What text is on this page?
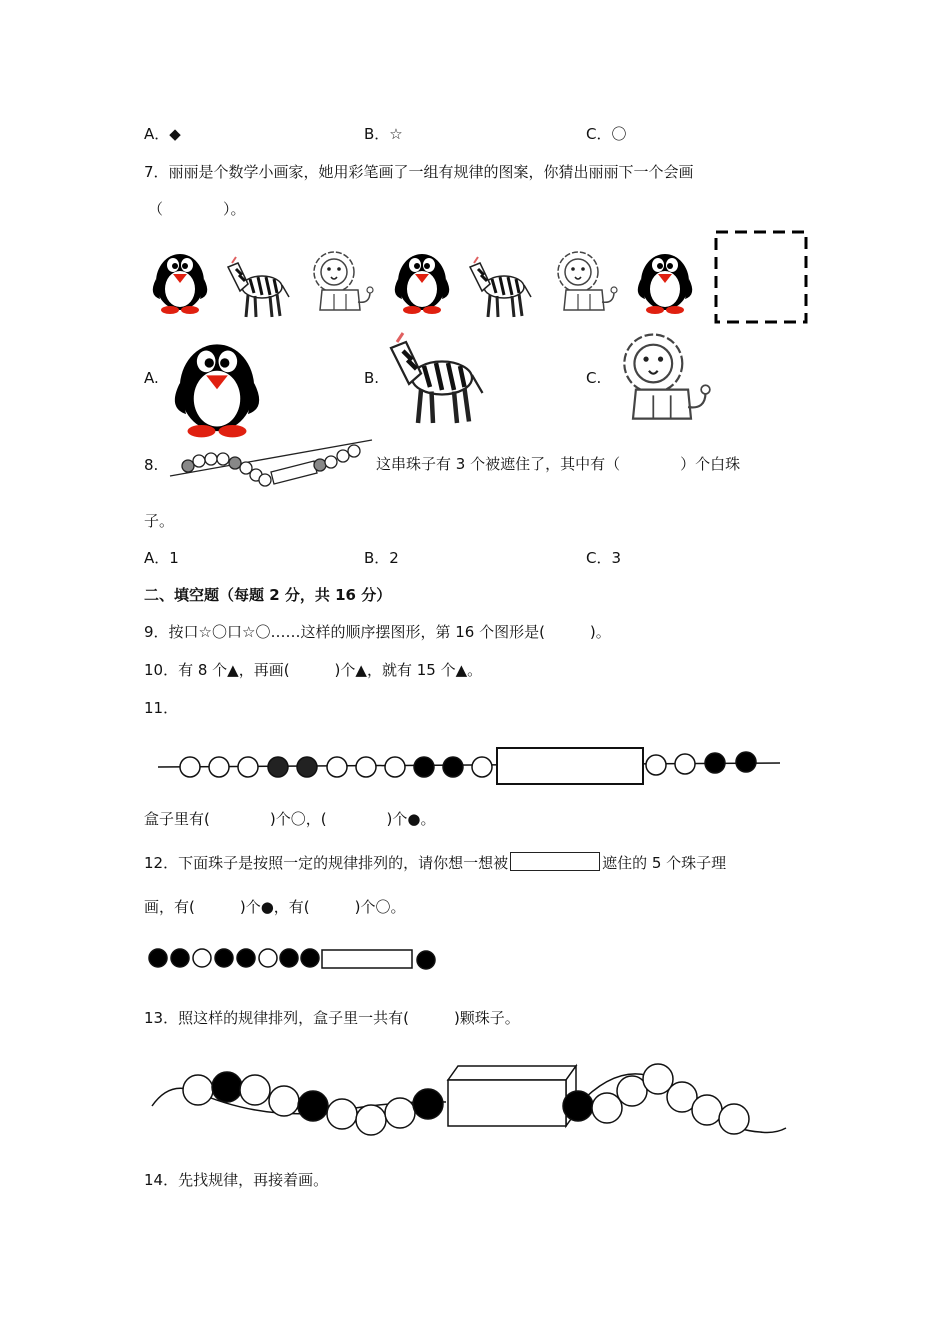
A．◆	B．☆	C．〇
7．丽丽是个数学小画家，她用彩笔画了一组有规律的图案，你猜出丽丽下一个会画
（　　　　）。
A.	B.	C.
8.	这串珠子有 3 个被遮住了，其中有（　　　　）个白珠
子。
A．1	B．2	C．3
二、填空题（每题 2 分，共 16 分）
9．按口☆〇口☆〇……这样的顺序摆图形，第 16 个图形是(　　　)。
10．有 8 个▲，再画(　　　)个▲，就有 15 个▲。
11．
盒子里有(　　　　)个〇，(　　　　)个●。
12．下面珠子是按照一定的规律排列的，请你想一想被	遮住的 5 个珠子理
画，有(　　　)个●，有(　　　)个〇。
13．照这样的规律排列，盒子里一共有(　　　)颗珠子。
14．先找规律，再接着画。
